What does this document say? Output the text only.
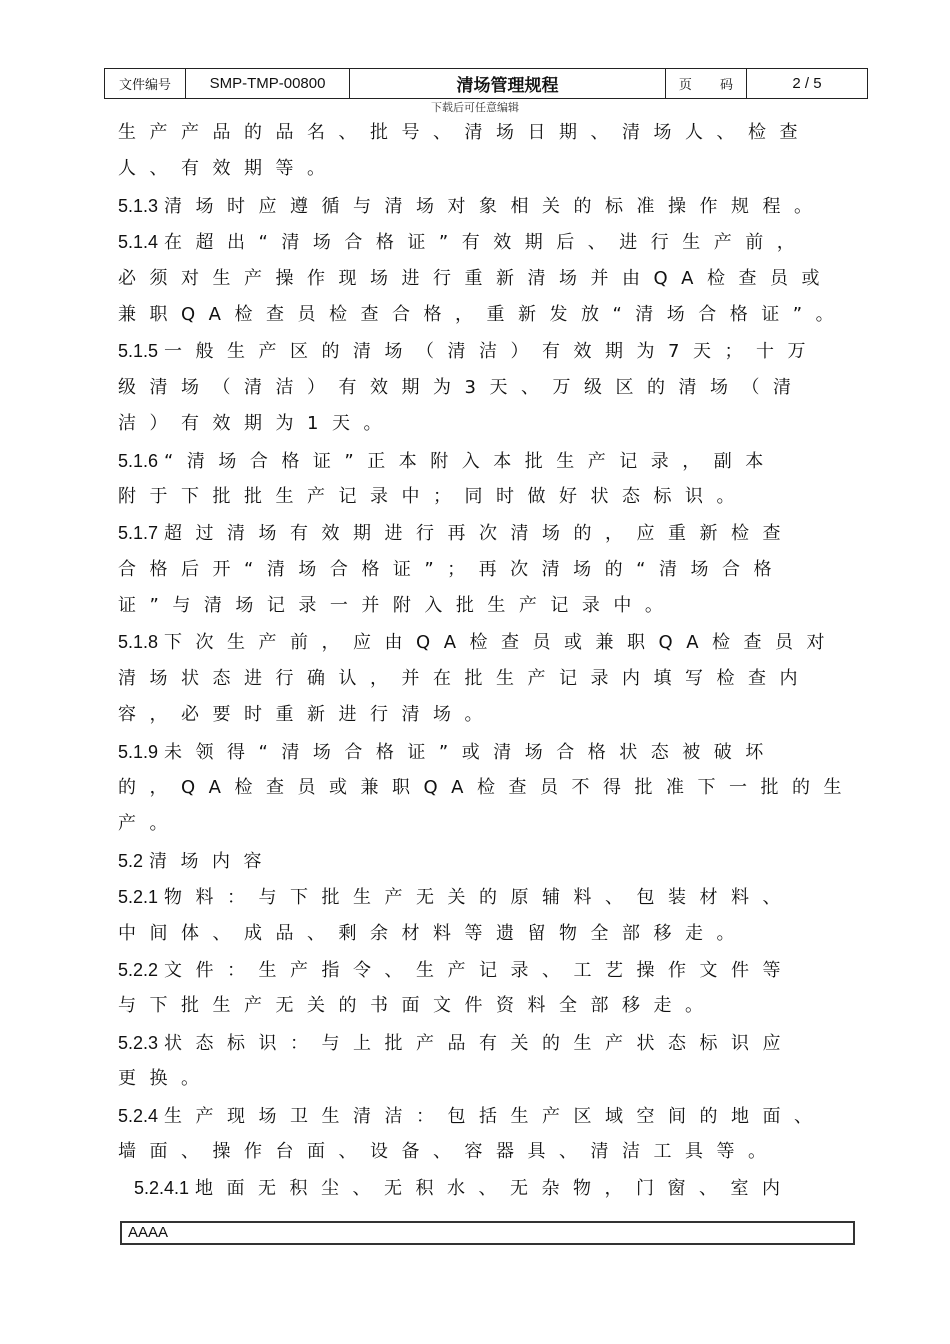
文件编号	SMP-TMP-00800	清场管理规程	页 码	2 / 5
下载后可任意编辑
生产产品的品名、批号、清场日期、清场人、检查
人、有效期等。
5.1.3 清场时应遵循与清场对象相关的标准操作规程。
5.1.4 在超出“清场合格证”有效期后、进行生产前，
必须对生产操作现场进行重新清场并由QA检查员或
兼职QA检查员检查合格，重新发放“清场合格证”。
5.1.5 一般生产区的清场（清洁）有效期为7天；十万
级清场（清洁）有效期为3天、万级区的清场（清
洁）有效期为1天。
5.1.6 “清场合格证”正本附入本批生产记录，副本
附于下批批生产记录中；同时做好状态标识。
5.1.7 超过清场有效期进行再次清场的，应重新检查
合格后开“清场合格证”；再次清场的“清场合格
证”与清场记录一并附入批生产记录中。
5.1.8 下次生产前，应由QA检查员或兼职QA检查员对
清场状态进行确认，并在批生产记录内填写检查内
容，必要时重新进行清场。
5.1.9 未领得“清场合格证”或清场合格状态被破坏
的，QA检查员或兼职QA检查员不得批准下一批的生
产。
5.2 清场内容
5.2.1 物料：与下批生产无关的原辅料、包装材料、
中间体、成品、剩余材料等遗留物全部移走。
5.2.2 文件：生产指令、生产记录、工艺操作文件等
与下批生产无关的书面文件资料全部移走。
5.2.3 状态标识：与上批产品有关的生产状态标识应
更换。
5.2.4 生产现场卫生清洁：包括生产区域空间的地面、
墙面、操作台面、设备、容器具、清洁工具等。
5.2.4.1 地面无积尘、无积水、无杂物，门窗、室内
AAAA
